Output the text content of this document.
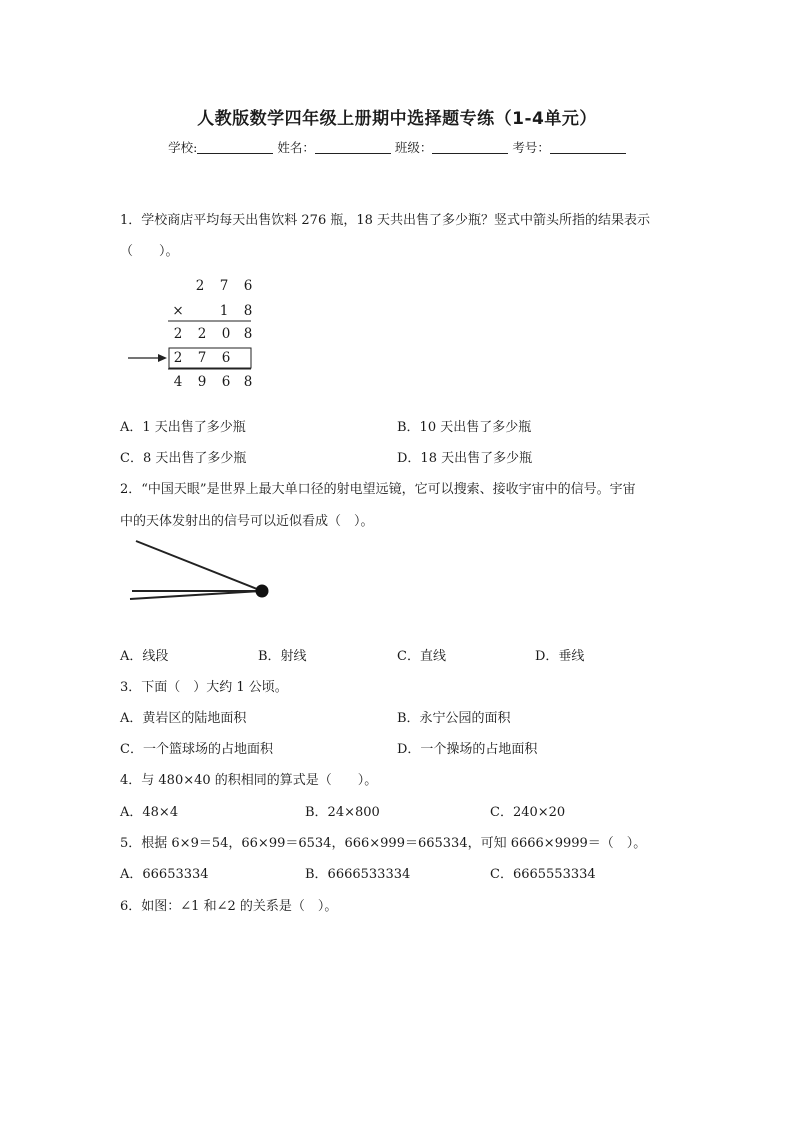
人教版数学四年级上册期中选择题专练（1-4单元）
学校:	姓名：	班级：	考号：
1．学校商店平均每天出售饮料 276 瓶，18 天共出售了多少瓶？竖式中箭头所指的结果表示
（　　）。
2	7	6
×	1	8
2	2	0 8
2	7	6
4	9	6 8
A．1 天出售了多少瓶	B．10 天出售了多少瓶
C．8 天出售了多少瓶	D．18 天出售了多少瓶
2．“中国天眼”是世界上最大单口径的射电望远镜，它可以搜索、接收宇宙中的信号。宇宙
中的天体发射出的信号可以近似看成（　）。
A．线段	B．射线	C．直线	D．垂线
3．下面（　）大约 1 公顷。
A．黄岩区的陆地面积	B．永宁公园的面积
C．一个篮球场的占地面积	D．一个操场的占地面积
4．与 480×40 的积相同的算式是（　　）。
A．48×4	B．24×800	C．240×20
5．根据 6×9＝54，66×99＝6534，666×999＝665334，可知 6666×9999＝（　）。
A．66653334	B．6666533334	C．6665553334
6．如图：∠1 和∠2 的关系是（　）。
